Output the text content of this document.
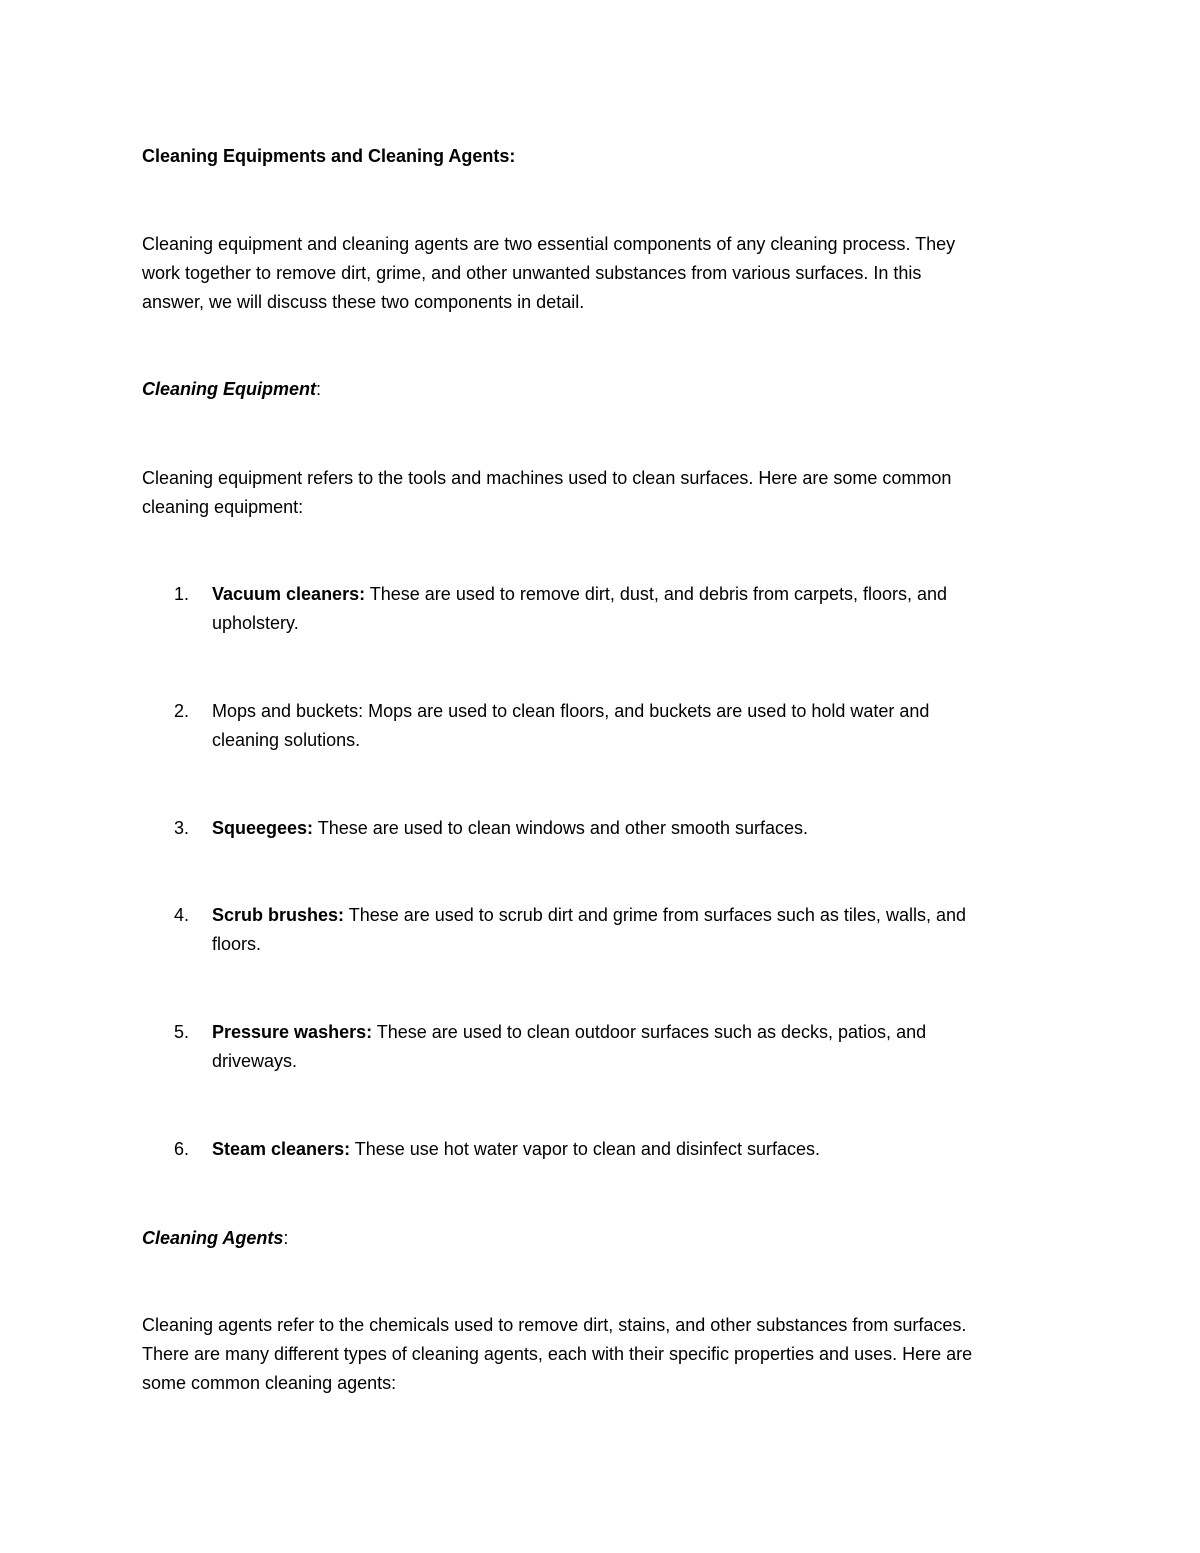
Cleaning Equipments and Cleaning Agents:
Cleaning equipment and cleaning agents are two essential components of any cleaning process. They
work together to remove dirt, grime, and other unwanted substances from various surfaces. In this
answer, we will discuss these two components in detail.
Cleaning Equipment:
Cleaning equipment refers to the tools and machines used to clean surfaces. Here are some common
cleaning equipment:
1. Vacuum cleaners: These are used to remove dirt, dust, and debris from carpets, floors, and
upholstery.
2. Mops and buckets: Mops are used to clean floors, and buckets are used to hold water and
cleaning solutions.
3. Squeegees: These are used to clean windows and other smooth surfaces.
4. Scrub brushes: These are used to scrub dirt and grime from surfaces such as tiles, walls, and
floors.
5. Pressure washers: These are used to clean outdoor surfaces such as decks, patios, and
driveways.
6. Steam cleaners: These use hot water vapor to clean and disinfect surfaces.
Cleaning Agents:
Cleaning agents refer to the chemicals used to remove dirt, stains, and other substances from surfaces.
There are many different types of cleaning agents, each with their specific properties and uses. Here are
some common cleaning agents:
